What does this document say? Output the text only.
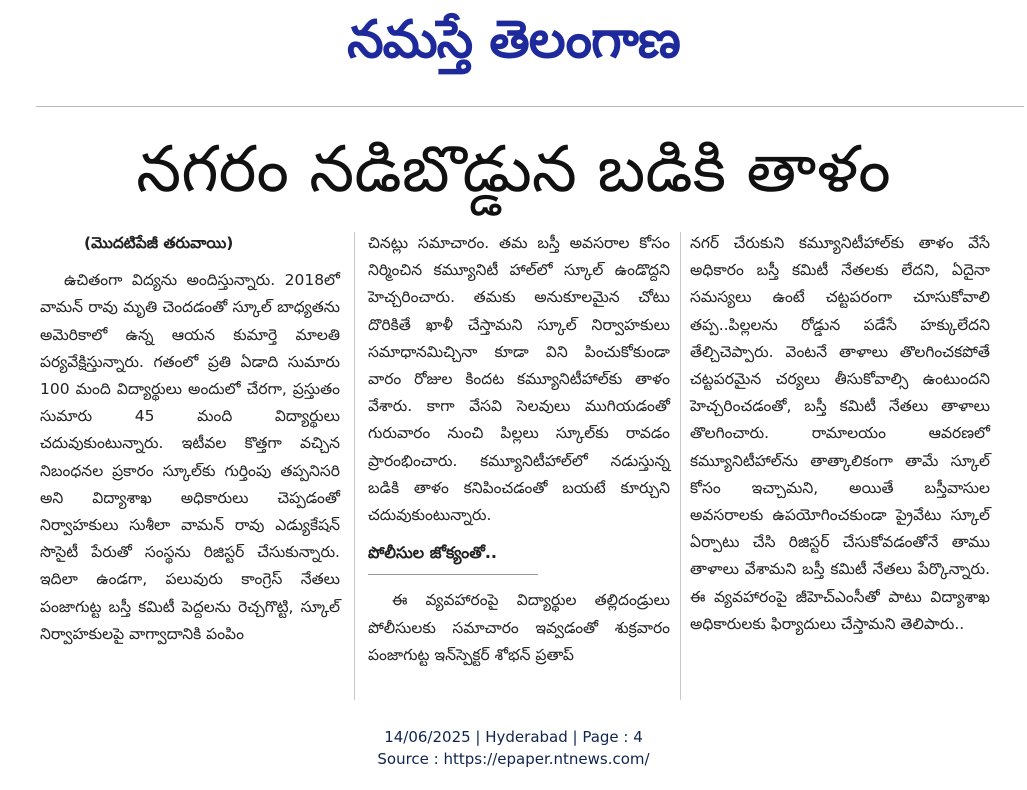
నమస్తే తెలంగాణ
నగరం నడిబొడ్డున బడికి తాళం
(మొదటిపేజీ తరువాయి)

ఉచితంగా విద్యను అందిస్తున్నారు. 2018లో వామన్ రావు మృతి చెందడంతో స్కూల్ బాధ్యతను అమెరికాలో ఉన్న ఆయన కుమార్తె మాలతి పర్యవేక్షిస్తున్నారు. గతంలో ప్రతి ఏడాది సుమారు 100 మంది విద్యార్థులు అందులో చేరగా, ప్రస్తుతం సుమారు 45 మంది విద్యార్థులు చదువుకుంటున్నారు. ఇటీవల కొత్తగా వచ్చిన నిబంధనల ప్రకారం స్కూల్‌కు గుర్తింపు తప్పనిసరి అని విద్యాశాఖ అధికారులు చెప్పడంతో నిర్వాహకులు సుశీలా వామన్ రావు ఎడ్యుకేషన్ సొసైటీ పేరుతో సంస్థను రిజిస్టర్ చేసుకున్నారు. ఇదిలా ఉండగా, పలువురు కాంగ్రెస్ నేతలు పంజాగుట్ట బస్తీ కమిటీ పెద్దలను రెచ్చగొట్టి, స్కూల్ నిర్వాహకులపై వాగ్వాదానికి పంపిం

చినట్లు సమాచారం. తమ బస్తీ అవసరాల కోసం నిర్మించిన కమ్యూనిటీ హాల్‌లో స్కూల్ ఉండొద్దని హెచ్చరించారు. తమకు అనుకూలమైన చోటు దొరికితే ఖాళీ చేస్తామని స్కూల్ నిర్వాహకులు సమాధానమిచ్చినా కూడా విని పించుకోకుండా వారం రోజుల కిందట కమ్యూనిటీహాల్‌కు తాళం వేశారు. కాగా వేసవి సెలవులు ముగియడంతో గురువారం నుంచి పిల్లలు స్కూల్‌కు రావడం ప్రారంభించారు. కమ్యూనిటీహాల్‌లో నడుస్తున్న బడికి తాళం కనిపించడంతో బయటే కూర్చుని చదువుకుంటున్నారు.

పోలీసుల జోక్యంతో..

ఈ వ్యవహారంపై విద్యార్థుల తల్లిదండ్రులు పోలీసులకు సమాచారం ఇవ్వడంతో శుక్రవారం పంజాగుట్ట ఇన్‌స్పెక్టర్ శోభన్ ప్రతాప్

నగర్ చేరుకుని కమ్యూనిటీహాల్‌కు తాళం వేసే అధికారం బస్తీ కమిటీ నేతలకు లేదని, ఏదైనా సమస్యలు ఉంటే చట్టపరంగా చూసుకోవాలి తప్ప..పిల్లలను రోడ్డున పడేసే హక్కులేదని తేల్చిచెప్పారు. వెంటనే తాళాలు తొలగించకపోతే చట్టపరమైన చర్యలు తీసుకోవాల్సి ఉంటుందని హెచ్చరించడంతో, బస్తీ కమిటీ నేతలు తాళాలు తొలగించారు. రామాలయం ఆవరణలో కమ్యూనిటీహాల్‌ను తాత్కాలికంగా తామే స్కూల్ కోసం ఇచ్చామని, అయితే బస్తీవాసుల అవసరాలకు ఉపయోగించకుండా ప్రైవేటు స్కూల్ ఏర్పాటు చేసి రిజిస్టర్ చేసుకోవడంతోనే తాము తాళాలు వేశామని బస్తీ కమిటీ నేతలు పేర్కొన్నారు. ఈ వ్యవహారంపై జీహెచ్‌ఎంసీతో పాటు విద్యాశాఖ అధికారులకు ఫిర్యాదులు చేస్తామని తెలిపారు..

14/06/2025 | Hyderabad | Page : 4
Source : https://epaper.ntnews.com/
